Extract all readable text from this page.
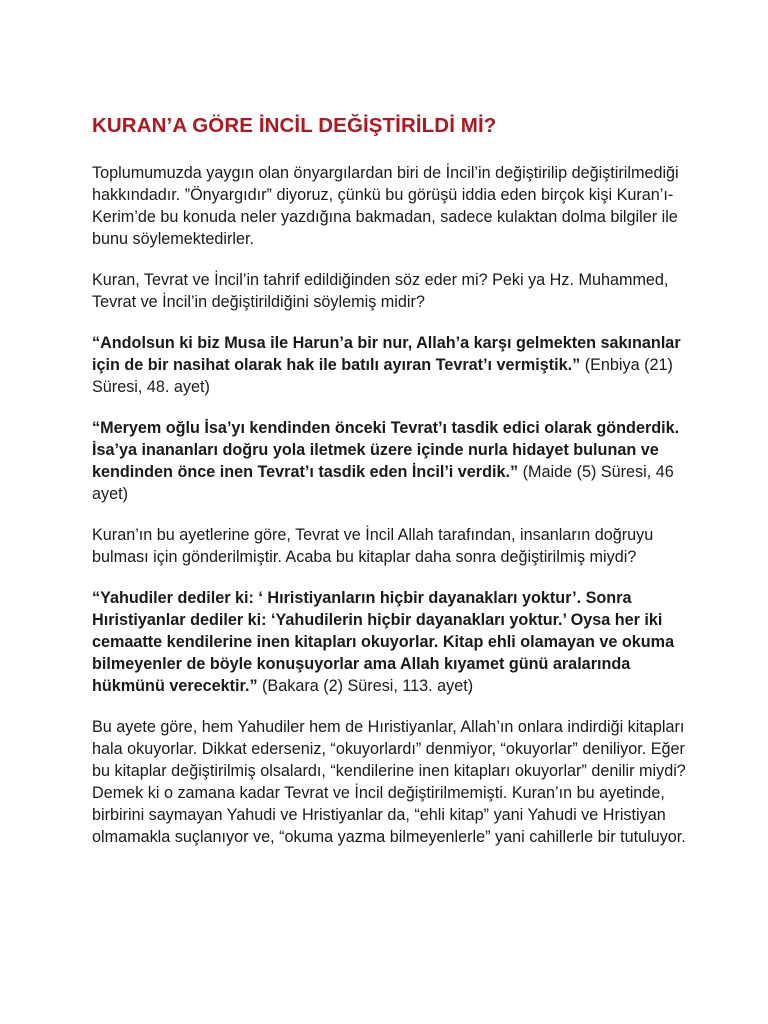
KURAN’A GÖRE İNCİL DEĞİŞTİRİLDİ Mİ?

Toplumumuzda yaygın olan önyargılardan biri de İncil’in değiştirilip değiştirilmediği hakkındadır. ”Önyargıdır” diyoruz, çünkü bu görüşü iddia eden birçok kişi Kuran’ı- Kerim’de bu konuda neler yazdığına bakmadan, sadece kulaktan dolma bilgiler ile bunu söylemektedirler.

Kuran, Tevrat ve İncil’in tahrif edildiğinden söz eder mi? Peki ya Hz. Muhammed, Tevrat ve İncil’in değiştirildiğini söylemiş midir?

“Andolsun ki biz Musa ile Harun’a bir nur, Allah’a karşı gelmekten sakınanlar için de bir nasihat olarak hak ile batılı ayıran Tevrat’ı vermiştik.” (Enbiya (21) Süresi, 48. ayet)

“Meryem oğlu İsa’yı kendinden önceki Tevrat’ı tasdik edici olarak gönderdik. İsa’ya inananları doğru yola iletmek üzere içinde nurla hidayet bulunan ve kendinden önce inen Tevrat’ı tasdik eden İncil’i verdik.” (Maide (5) Süresi, 46 ayet)

Kuran’ın bu ayetlerine göre, Tevrat ve İncil Allah tarafından, insanların doğruyu bulması için gönderilmiştir. Acaba bu kitaplar daha sonra değiştirilmiş miydi?

“Yahudiler dediler ki: ‘ Hıristiyanların hiçbir dayanakları yoktur’. Sonra Hıristiyanlar dediler ki: ‘Yahudilerin hiçbir dayanakları yoktur.’ Oysa her iki cemaatte kendilerine inen kitapları okuyorlar. Kitap ehli olamayan ve okuma bilmeyenler de böyle konuşuyorlar ama Allah kıyamet günü aralarında hükmünü verecektir.” (Bakara (2) Süresi, 113. ayet)

Bu ayete göre, hem Yahudiler hem de Hıristiyanlar, Allah’ın onlara indirdiği kitapları hala okuyorlar. Dikkat ederseniz, “okuyorlardı” denmiyor, “okuyorlar” deniliyor. Eğer bu kitaplar değiştirilmiş olsalardı, “kendilerine inen kitapları okuyorlar” denilir miydi? Demek ki o zamana kadar Tevrat ve İncil değiştirilmemişti. Kuran’ın bu ayetinde, birbirini saymayan Yahudi ve Hristiyanlar da, “ehli kitap” yani Yahudi ve Hristiyan olmamakla suçlanıyor ve, “okuma yazma bilmeyenlerle” yani cahillerle bir tutuluyor.
